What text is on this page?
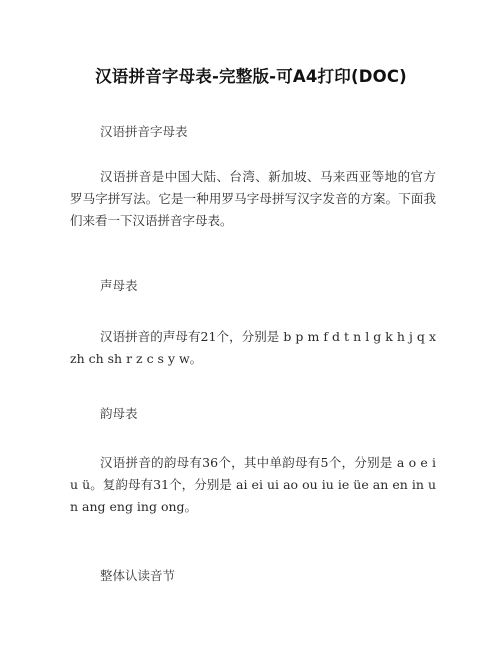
汉语拼音字母表-完整版-可A4打印(DOC)
汉语拼音字母表
汉语拼音是中国大陆、台湾、新加坡、马来西亚等地的官方罗马字拼写法。它是一种用罗马字母拼写汉字发音的方案。下面我们来看一下汉语拼音字母表。
声母表
汉语拼音的声母有21个，分别是 b p m f d t n l g k h j q x zh ch sh r z c s y w。
韵母表
汉语拼音的韵母有36个，其中单韵母有5个，分别是 a o e i u ü。复韵母有31个，分别是 ai ei ui ao ou iu ie üe an en in un ang eng ing ong。
整体认读音节
